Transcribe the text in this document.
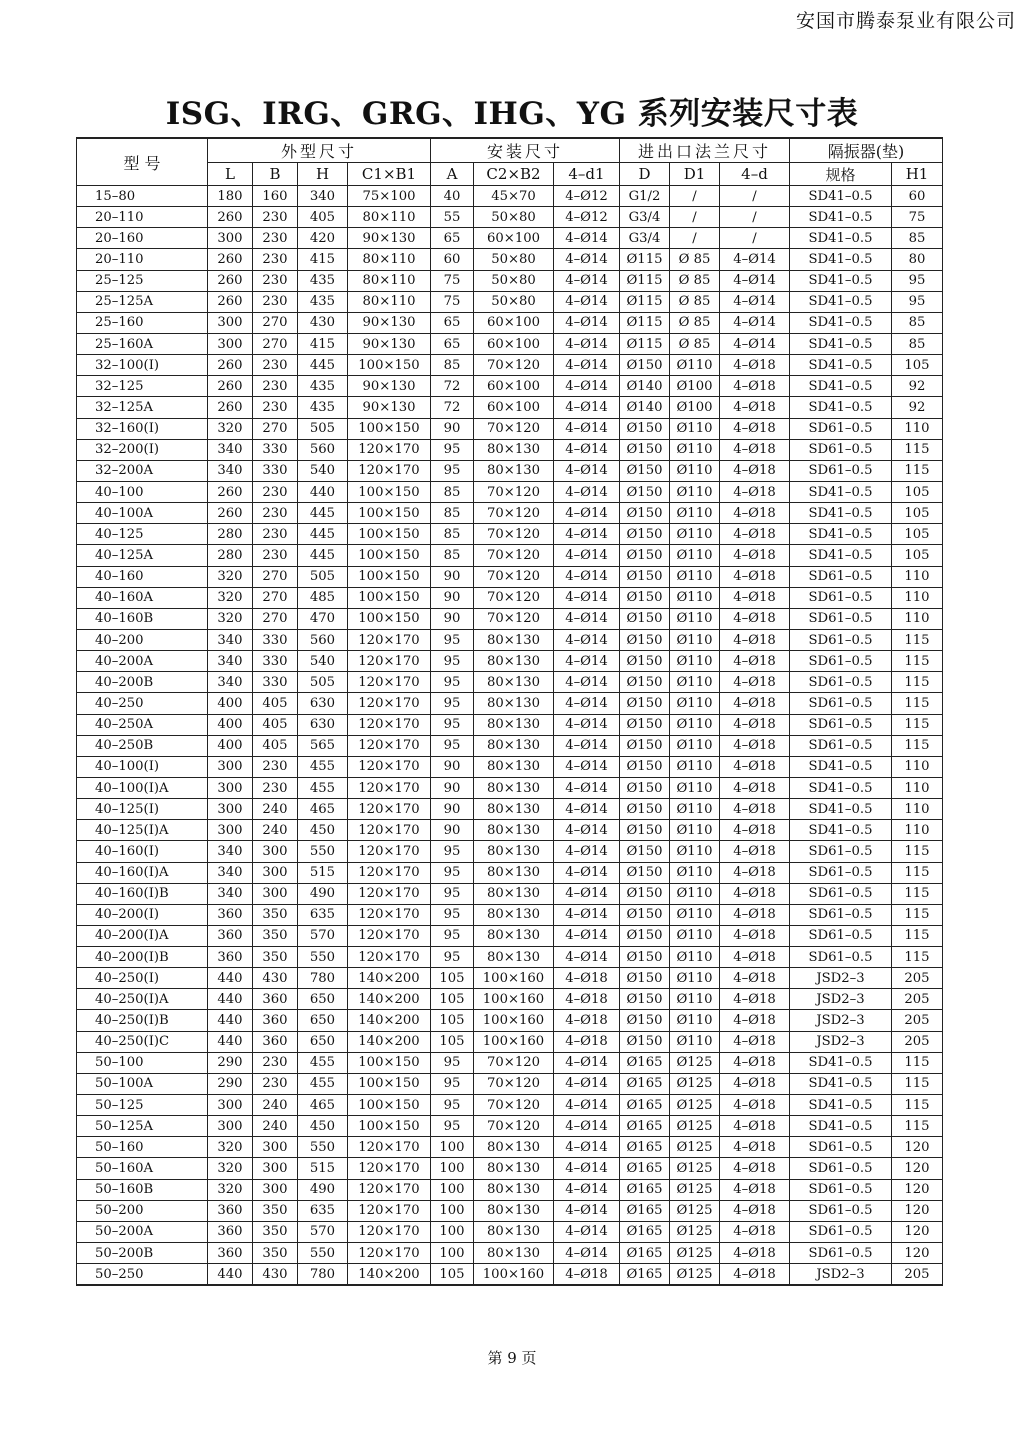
安国市腾泰泵业有限公司
ISG、IRG、GRG、IHG、YG 系列安装尺寸表
型 号	外型尺寸				安装尺寸			进出口法兰尺寸			隔振器(垫)	
	L	B	H	C1×B1	A	C2×B2	4–d1	D	D1	4–d	规格	H1
15–80	180	160	340	75×100	40	45×70	4–Ø12	G1/2	/	/	SD41–0.5	60
20–110	260	230	405	80×110	55	50×80	4–Ø12	G3/4	/	/	SD41–0.5	75
20–160	300	230	420	90×130	65	60×100	4–Ø14	G3/4	/	/	SD41–0.5	85
20–110	260	230	415	80×110	60	50×80	4–Ø14	Ø115	Ø 85	4–Ø14	SD41–0.5	80
25–125	260	230	435	80×110	75	50×80	4–Ø14	Ø115	Ø 85	4–Ø14	SD41–0.5	95
25–125A	260	230	435	80×110	75	50×80	4–Ø14	Ø115	Ø 85	4–Ø14	SD41–0.5	95
25–160	300	270	430	90×130	65	60×100	4–Ø14	Ø115	Ø 85	4–Ø14	SD41–0.5	85
25–160A	300	270	415	90×130	65	60×100	4–Ø14	Ø115	Ø 85	4–Ø14	SD41–0.5	85
32–100(I)	260	230	445	100×150	85	70×120	4–Ø14	Ø150	Ø110	4–Ø18	SD41–0.5	105
32–125	260	230	435	90×130	72	60×100	4–Ø14	Ø140	Ø100	4–Ø18	SD41–0.5	92
32–125A	260	230	435	90×130	72	60×100	4–Ø14	Ø140	Ø100	4–Ø18	SD41–0.5	92
32–160(I)	320	270	505	100×150	90	70×120	4–Ø14	Ø150	Ø110	4–Ø18	SD61–0.5	110
32–200(I)	340	330	560	120×170	95	80×130	4–Ø14	Ø150	Ø110	4–Ø18	SD61–0.5	115
32–200A	340	330	540	120×170	95	80×130	4–Ø14	Ø150	Ø110	4–Ø18	SD61–0.5	115
40–100	260	230	440	100×150	85	70×120	4–Ø14	Ø150	Ø110	4–Ø18	SD41–0.5	105
40–100A	260	230	445	100×150	85	70×120	4–Ø14	Ø150	Ø110	4–Ø18	SD41–0.5	105
40–125	280	230	445	100×150	85	70×120	4–Ø14	Ø150	Ø110	4–Ø18	SD41–0.5	105
40–125A	280	230	445	100×150	85	70×120	4–Ø14	Ø150	Ø110	4–Ø18	SD41–0.5	105
40–160	320	270	505	100×150	90	70×120	4–Ø14	Ø150	Ø110	4–Ø18	SD61–0.5	110
40–160A	320	270	485	100×150	90	70×120	4–Ø14	Ø150	Ø110	4–Ø18	SD61–0.5	110
40–160B	320	270	470	100×150	90	70×120	4–Ø14	Ø150	Ø110	4–Ø18	SD61–0.5	110
40–200	340	330	560	120×170	95	80×130	4–Ø14	Ø150	Ø110	4–Ø18	SD61–0.5	115
40–200A	340	330	540	120×170	95	80×130	4–Ø14	Ø150	Ø110	4–Ø18	SD61–0.5	115
40–200B	340	330	505	120×170	95	80×130	4–Ø14	Ø150	Ø110	4–Ø18	SD61–0.5	115
40–250	400	405	630	120×170	95	80×130	4–Ø14	Ø150	Ø110	4–Ø18	SD61–0.5	115
40–250A	400	405	630	120×170	95	80×130	4–Ø14	Ø150	Ø110	4–Ø18	SD61–0.5	115
40–250B	400	405	565	120×170	95	80×130	4–Ø14	Ø150	Ø110	4–Ø18	SD61–0.5	115
40–100(I)	300	230	455	120×170	90	80×130	4–Ø14	Ø150	Ø110	4–Ø18	SD41–0.5	110
40–100(I)A	300	230	455	120×170	90	80×130	4–Ø14	Ø150	Ø110	4–Ø18	SD41–0.5	110
40–125(I)	300	240	465	120×170	90	80×130	4–Ø14	Ø150	Ø110	4–Ø18	SD41–0.5	110
40–125(I)A	300	240	450	120×170	90	80×130	4–Ø14	Ø150	Ø110	4–Ø18	SD41–0.5	110
40–160(I)	340	300	550	120×170	95	80×130	4–Ø14	Ø150	Ø110	4–Ø18	SD61–0.5	115
40–160(I)A	340	300	515	120×170	95	80×130	4–Ø14	Ø150	Ø110	4–Ø18	SD61–0.5	115
40–160(I)B	340	300	490	120×170	95	80×130	4–Ø14	Ø150	Ø110	4–Ø18	SD61–0.5	115
40–200(I)	360	350	635	120×170	95	80×130	4–Ø14	Ø150	Ø110	4–Ø18	SD61–0.5	115
40–200(I)A	360	350	570	120×170	95	80×130	4–Ø14	Ø150	Ø110	4–Ø18	SD61–0.5	115
40–200(I)B	360	350	550	120×170	95	80×130	4–Ø14	Ø150	Ø110	4–Ø18	SD61–0.5	115
40–250(I)	440	430	780	140×200	105	100×160	4–Ø18	Ø150	Ø110	4–Ø18	JSD2–3	205
40–250(I)A	440	360	650	140×200	105	100×160	4–Ø18	Ø150	Ø110	4–Ø18	JSD2–3	205
40–250(I)B	440	360	650	140×200	105	100×160	4–Ø18	Ø150	Ø110	4–Ø18	JSD2–3	205
40–250(I)C	440	360	650	140×200	105	100×160	4–Ø18	Ø150	Ø110	4–Ø18	JSD2–3	205
50–100	290	230	455	100×150	95	70×120	4–Ø14	Ø165	Ø125	4–Ø18	SD41–0.5	115
50–100A	290	230	455	100×150	95	70×120	4–Ø14	Ø165	Ø125	4–Ø18	SD41–0.5	115
50–125	300	240	465	100×150	95	70×120	4–Ø14	Ø165	Ø125	4–Ø18	SD41–0.5	115
50–125A	300	240	450	100×150	95	70×120	4–Ø14	Ø165	Ø125	4–Ø18	SD41–0.5	115
50–160	320	300	550	120×170	100	80×130	4–Ø14	Ø165	Ø125	4–Ø18	SD61–0.5	120
50–160A	320	300	515	120×170	100	80×130	4–Ø14	Ø165	Ø125	4–Ø18	SD61–0.5	120
50–160B	320	300	490	120×170	100	80×130	4–Ø14	Ø165	Ø125	4–Ø18	SD61–0.5	120
50–200	360	350	635	120×170	100	80×130	4–Ø14	Ø165	Ø125	4–Ø18	SD61–0.5	120
50–200A	360	350	570	120×170	100	80×130	4–Ø14	Ø165	Ø125	4–Ø18	SD61–0.5	120
50–200B	360	350	550	120×170	100	80×130	4–Ø14	Ø165	Ø125	4–Ø18	SD61–0.5	120
50–250	440	430	780	140×200	105	100×160	4–Ø18	Ø165	Ø125	4–Ø18	JSD2–3	205
第 9 页
